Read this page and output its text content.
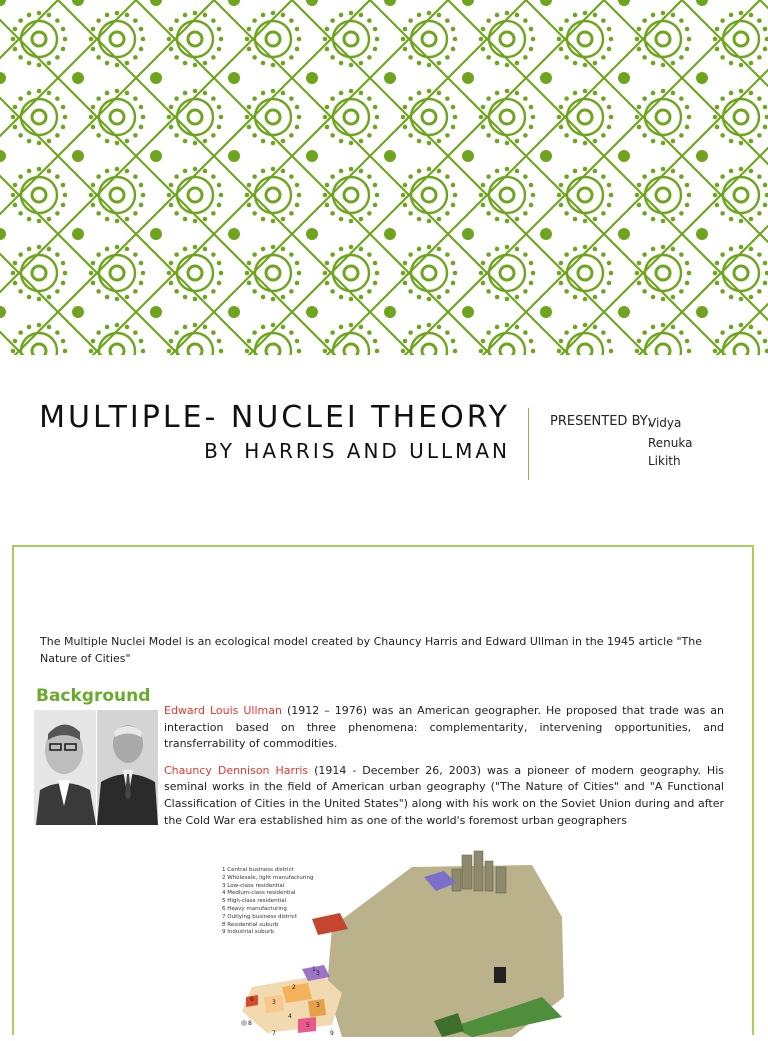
MULTIPLE- NUCLEI THEORY
BY HARRIS AND ULLMAN
PRESENTED BY,
Vidya
Renuka
Likith

The Multiple Nuclei Model is an ecological model created by Chauncy Harris and Edward Ullman in the 1945 article "The Nature of Cities"

Background

Edward Louis Ullman (1912 – 1976) was an American geographer. He proposed that trade was an interaction based on three phenomena: complementarity, intervening opportunities, and transferrability of commodities.

Chauncy Dennison Harris (1914 - December 26, 2003) was a pioneer of modern geography. His seminal works in the field of American urban geography ("The Nature of Cities" and "A Functional Classification of Cities in the United States") along with his work on the Soviet Union during and after the Cold War era established him as one of the world's foremost urban geographers

1 23 3	3 456789
1 Central business district
2 Wholesale, light manufacturing
3 Low-class residential
4 Medium-class residential
5 High-class residential
6 Heavy manufacturing
7 Outlying business district
8 Residential suburb
9 Industrial suburb
